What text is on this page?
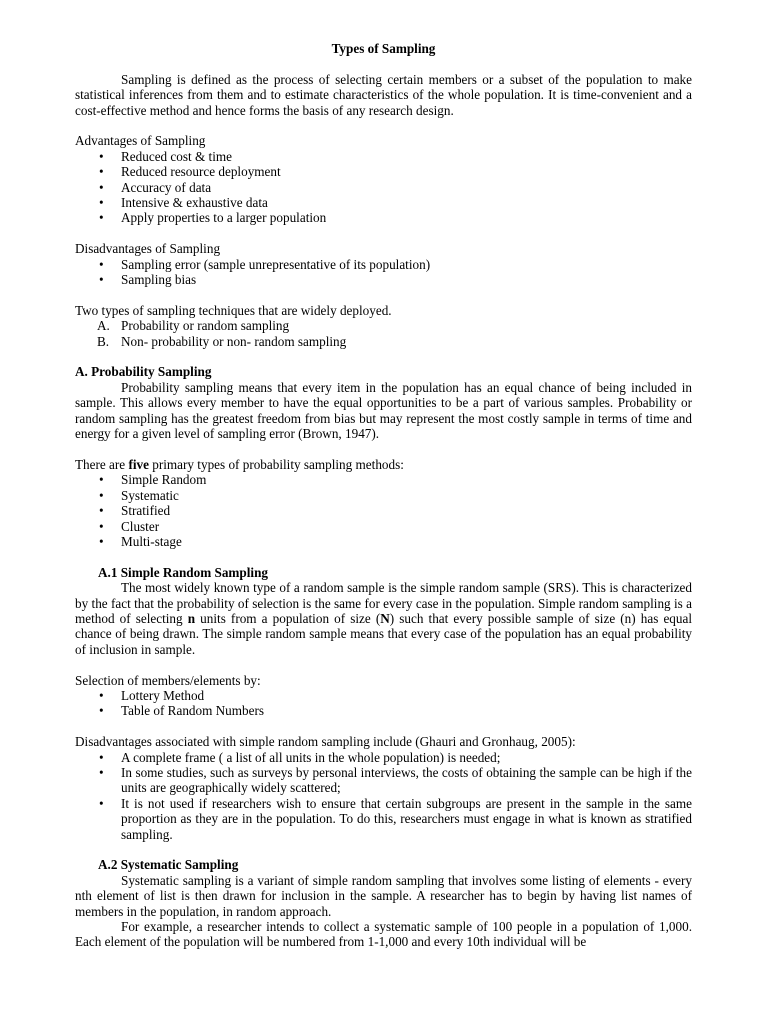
Types of Sampling

Sampling is defined as the process of selecting certain members or a subset of the population to make statistical inferences from them and to estimate characteristics of the whole population. It is time-convenient and a cost-effective method and hence forms the basis of any research design.

Advantages of Sampling

• Reduced cost & time
• Reduced resource deployment
• Accuracy of data
• Intensive & exhaustive data
• Apply properties to a larger population

Disadvantages of Sampling

• Sampling error (sample unrepresentative of its population)
• Sampling bias

Two types of sampling techniques that are widely deployed.

A. Probability or random sampling
B. Non- probability or non- random sampling

A. Probability Sampling

Probability sampling means that every item in the population has an equal chance of being included in sample. This allows every member to have the equal opportunities to be a part of various samples. Probability or random sampling has the greatest freedom from bias but may represent the most costly sample in terms of time and energy for a given level of sampling error (Brown, 1947).

There are five primary types of probability sampling methods:

• Simple Random
• Systematic
• Stratified
• Cluster
• Multi-stage

A.1 Simple Random Sampling

The most widely known type of a random sample is the simple random sample (SRS). This is characterized by the fact that the probability of selection is the same for every case in the population. Simple random sampling is a method of selecting n units from a population of size (N) such that every possible sample of size (n) has equal chance of being drawn. The simple random sample means that every case of the population has an equal probability of inclusion in sample.

Selection of members/elements by:

• Lottery Method
• Table of Random Numbers

Disadvantages associated with simple random sampling include (Ghauri and Gronhaug, 2005):

• A complete frame ( a list of all units in the whole population) is needed;
• In some studies, such as surveys by personal interviews, the costs of obtaining the sample can be high if the units are geographically widely scattered;
• It is not used if researchers wish to ensure that certain subgroups are present in the sample in the same proportion as they are in the population. To do this, researchers must engage in what is known as stratified sampling.

A.2 Systematic Sampling

Systematic sampling is a variant of simple random sampling that involves some listing of elements - every nth element of list is then drawn for inclusion in the sample. A researcher has to begin by having list names of members in the population, in random approach.

For example, a researcher intends to collect a systematic sample of 100 people in a population of 1,000. Each element of the population will be numbered from 1-1,000 and every 10th individual will be
